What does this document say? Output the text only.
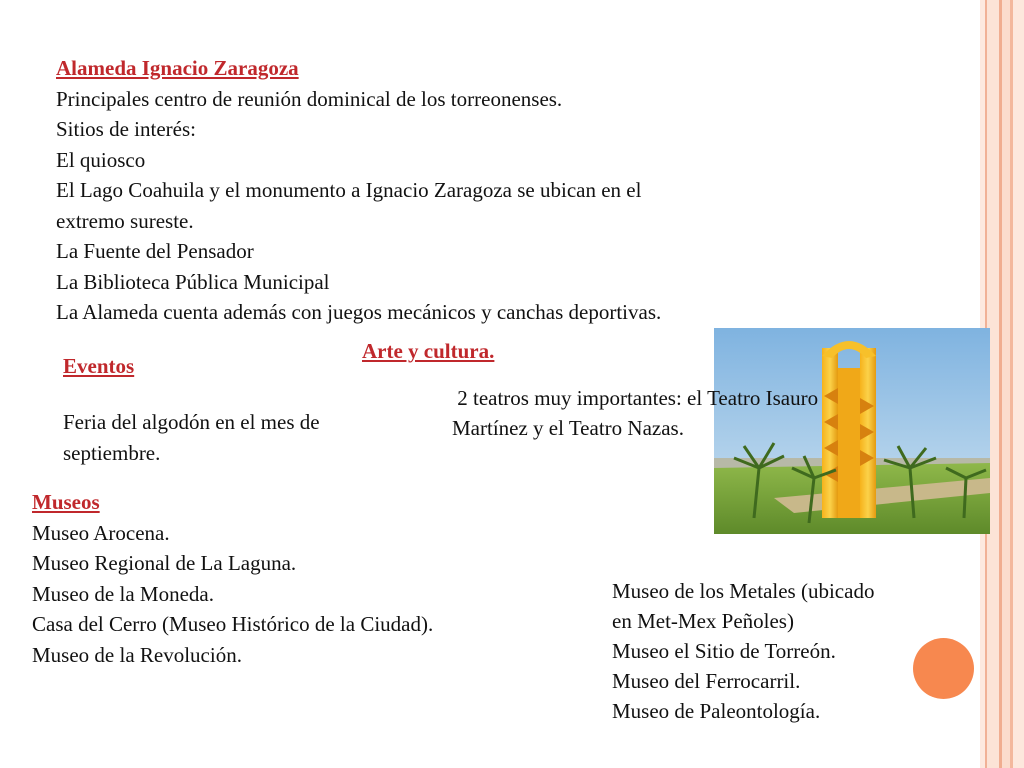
Alameda Ignacio Zaragoza
Principales centro de reunión dominical de los torreonenses.
Sitios de interés:
El quiosco
El Lago Coahuila y el monumento a Ignacio Zaragoza se ubican en el
extremo sureste.
La Fuente del Pensador
La Biblioteca Pública Municipal
La Alameda cuenta además con juegos mecánicos y canchas deportivas.
Eventos
Feria del algodón en el mes de
septiembre.
Arte y cultura.
2 teatros muy importantes: el Teatro Isauro
Martínez y el Teatro Nazas.
Museos
Museo Arocena.
Museo Regional de La Laguna.
Museo de la Moneda.
Casa del Cerro (Museo Histórico de la Ciudad).
Museo de la Revolución.
Museo de los Metales (ubicado
en Met-Mex Peñoles)
Museo el Sitio de Torreón.
Museo del Ferrocarril.
Museo de Paleontología.
